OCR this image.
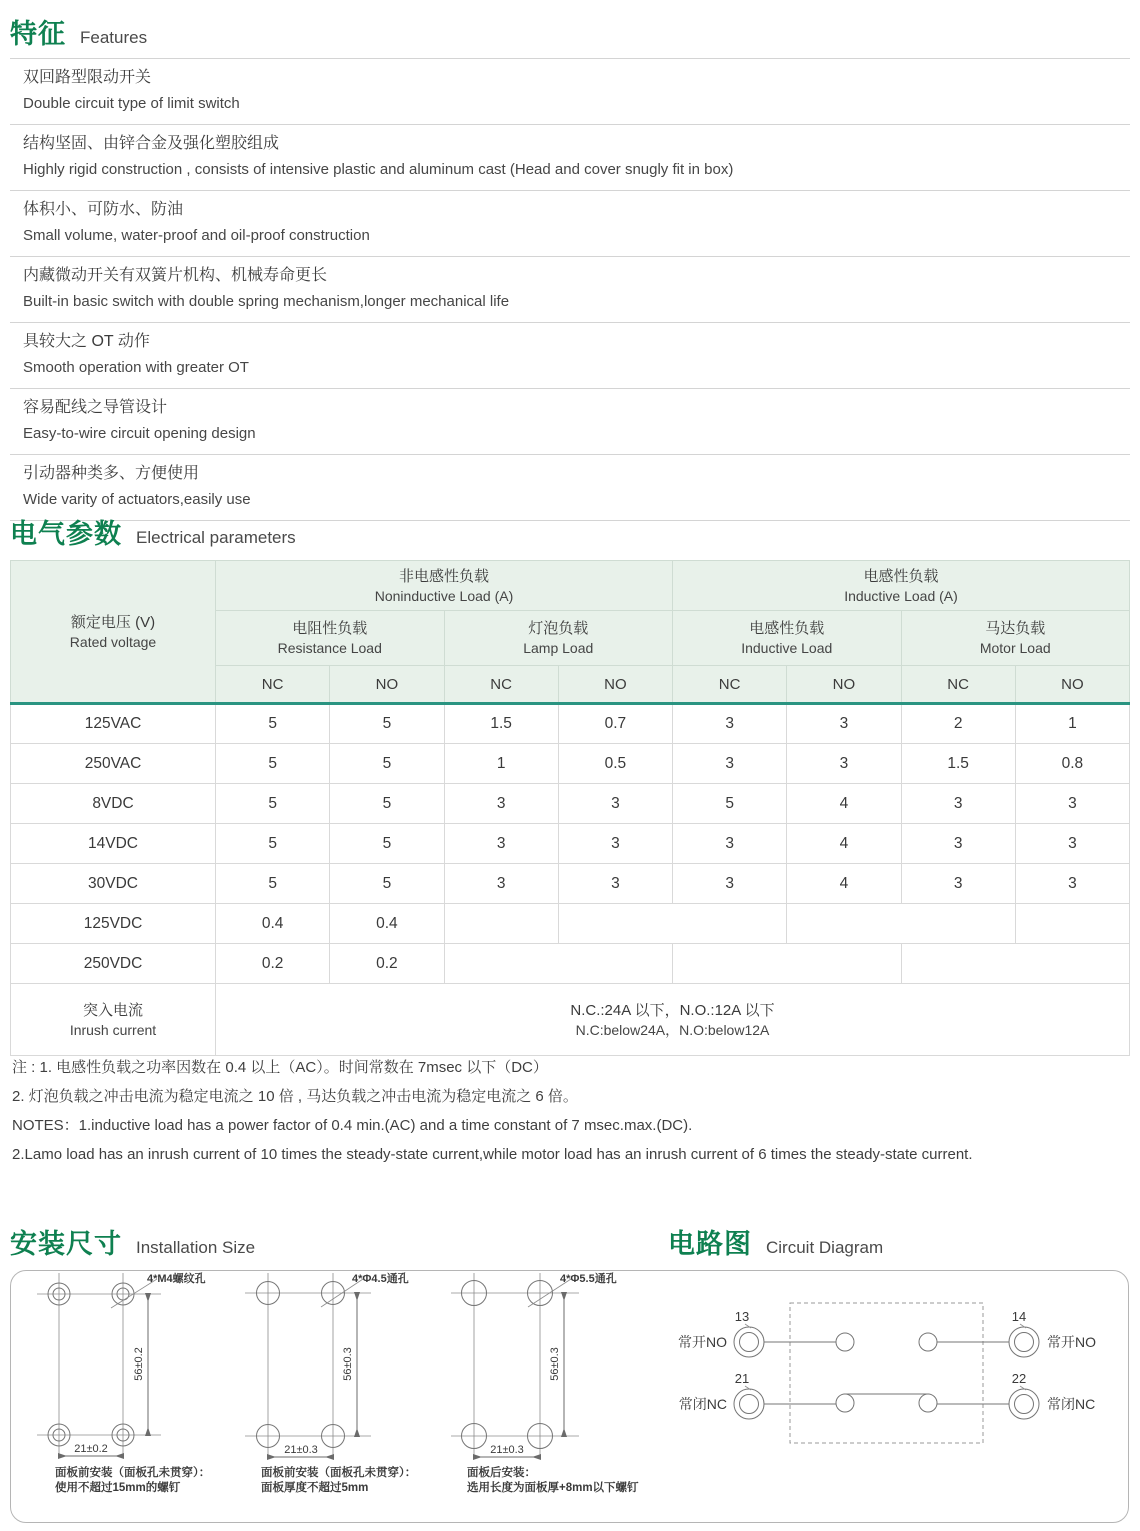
特征 Features
双回路型限动开关
Double circuit type of limit switch
结构坚固、由锌合金及强化塑胶组成
Highly rigid construction , consists of intensive plastic and aluminum cast (Head and cover snugly fit in box)
体积小、可防水、防油
Small volume, water-proof and oil-proof construction
内藏微动开关有双簧片机构、机械寿命更长
Built-in basic switch with double spring mechanism,longer mechanical life
具较大之 OT 动作
Smooth operation with greater OT
容易配线之导管设计
Easy-to-wire circuit opening design
引动器种类多、方便使用
Wide varity of actuators,easily use
电气参数 Electrical parameters
额定电压 (V)
Rated voltage

非电感性负载
Noninductive Load (A)

电感性负载
Inductive Load (A)

电阻性负载
Resistance Load

灯泡负载
Lamp Load

电感性负载
Inductive Load

马达负载
Motor Load

	NC	NO	NC	NO	NC	NO	NC	NO
125VAC	5	5	1.5	0.7	3	3	2	1
250VAC	5	5	1	0.5	3	3	1.5	0.8
8VDC	5	5	3	3	5	4	3	3
14VDC	5	5	3	3	3	4	3	3
30VDC	5	5	3	3	3	4	3	3
125VDC	0.4	0.4						
250VDC	0.2	0.2						

突入电流
Inrush current

N.C.:24A 以下，N.O.:12A 以下
N.C:below24A，N.O:below12A
注 : 1. 电感性负载之功率因数在 0.4 以上（AC）。时间常数在 7msec 以下（DC）
2. 灯泡负载之冲击电流为稳定电流之 10 倍 , 马达负载之冲击电流为稳定电流之 6 倍。
NOTES：1.inductive load has a power factor of 0.4 min.(AC) and a time constant of 7 msec.max.(DC).
2.Lamo load has an inrush current of 10 times the steady-state current,while motor load has an inrush current of 6 times the steady-state current.
安装尺寸 Installation Size	电路图 Circuit Diagram
4*M4螺纹孔
56±0.2
21±0.2
面板前安装（面板孔未贯穿）：
使用不超过15mm的螺钉
4*Φ4.5通孔
56±0.3
21±0.3
面板前安装（面板孔未贯穿）：
面板厚度不超过5mm
4*Φ5.5通孔
56±0.3
21±0.3
面板后安装：
选用长度为面板厚+8mm以下螺钉
13
常开NO
14
常开NO
21
常闭NC
22
常闭NC
